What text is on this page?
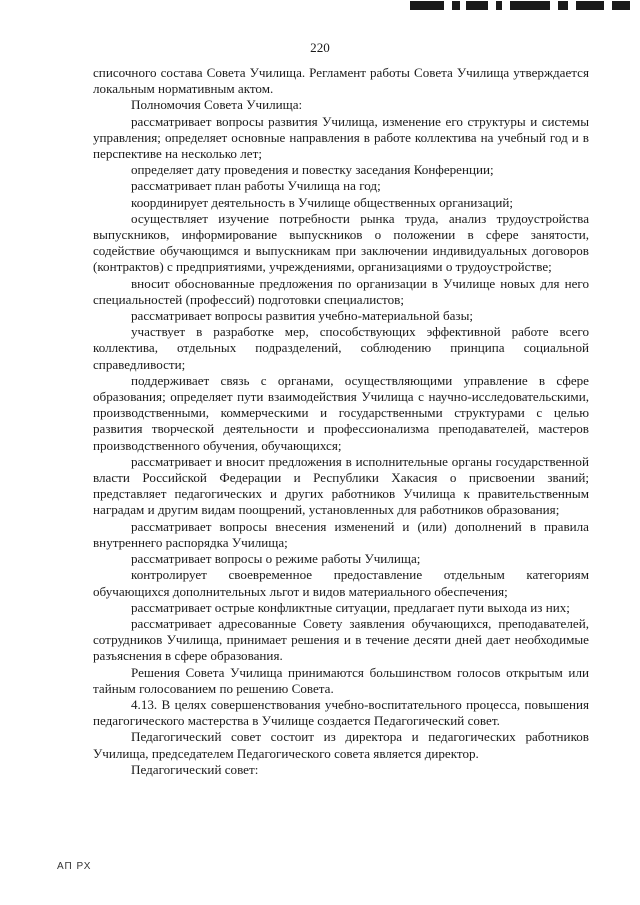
220

списочного состава Совета Училища. Регламент работы Совета Училища утверждается локальным нормативным актом.

Полномочия Совета Училища:

рассматривает вопросы развития Училища, изменение его структуры и системы управления; определяет основные направления в работе коллектива на учебный год и в перспективе на несколько лет;

определяет дату проведения и повестку заседания Конференции;

рассматривает план работы Училища на год;

координирует деятельность в Училище общественных организаций;

осуществляет изучение потребности рынка труда, анализ трудоустройства выпускников, информирование выпускников о положении в сфере занятости, содействие обучающимся и выпускникам при заключении индивидуальных договоров (контрактов) с предприятиями, учреждениями, организациями о трудоустройстве;

вносит обоснованные предложения по организации в Училище новых для него специальностей (профессий) подготовки специалистов;

рассматривает вопросы развития учебно-материальной базы;

участвует в разработке мер, способствующих эффективной работе всего коллектива, отдельных подразделений, соблюдению принципа социальной справедливости;

поддерживает связь с органами, осуществляющими управление в сфере образования; определяет пути взаимодействия Училища с научно-исследовательскими, производственными, коммерческими и государственными структурами с целью развития творческой деятельности и профессионализма преподавателей, мастеров производственного обучения, обучающихся;

рассматривает и вносит предложения в исполнительные органы государственной власти Российской Федерации и Республики Хакасия о присвоении званий; представляет педагогических и других работников Училища к правительственным наградам и другим видам поощрений, установленных для работников образования;

рассматривает вопросы внесения изменений и (или) дополнений в правила внутреннего распорядка Училища;

рассматривает вопросы о режиме работы Училища;

контролирует своевременное предоставление отдельным категориям обучающихся дополнительных льгот и видов материального обеспечения;

рассматривает острые конфликтные ситуации, предлагает пути выхода из них;

рассматривает адресованные Совету заявления обучающихся, преподавателей, сотрудников Училища, принимает решения и в течение десяти дней дает необходимые разъяснения в сфере образования.

Решения Совета Училища принимаются большинством голосов открытым или тайным голосованием по решению Совета.

4.13. В целях совершенствования учебно-воспитательного процесса, повышения педагогического мастерства в Училище создается Педагогический совет.

Педагогический совет состоит из директора и педагогических работников Училища, председателем Педагогического совета является директор.

Педагогический совет:

АП РХ
